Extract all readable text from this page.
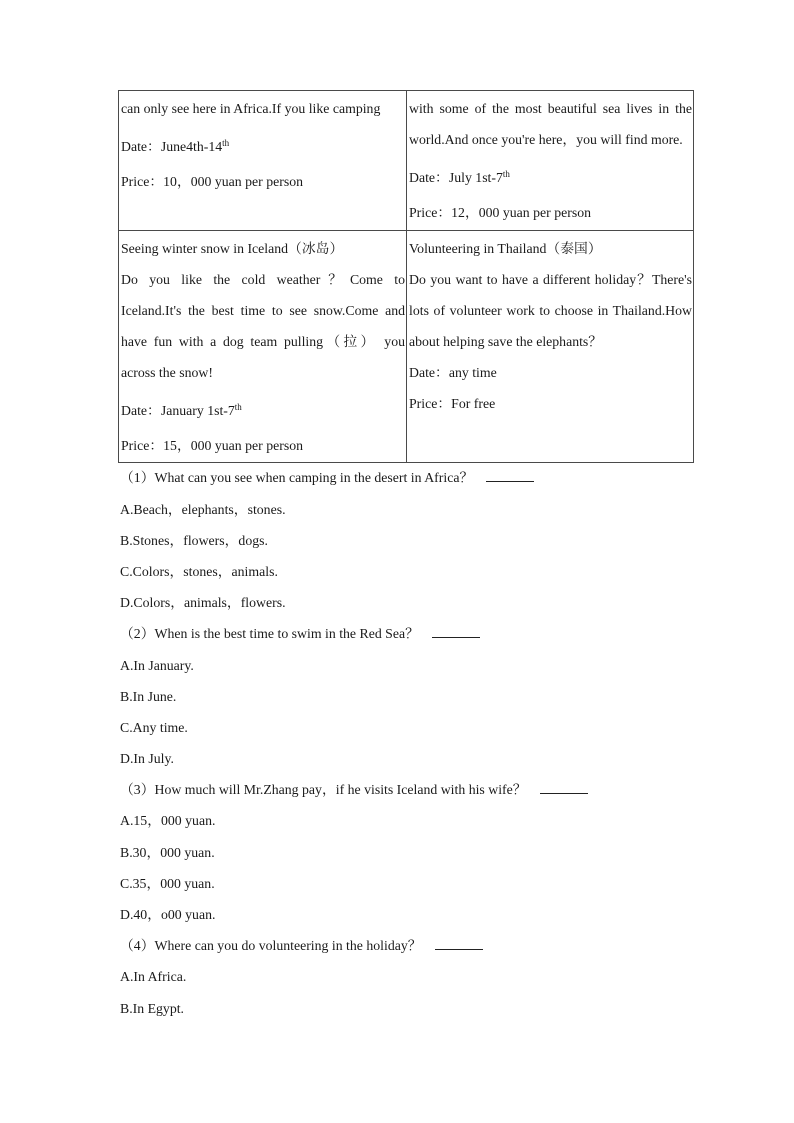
can only see here in Africa.If you like camping
Date：June4th-14th
Price：10，000 yuan per person
with some of the most beautiful sea lives in the
world.And once you're here，you will find more.
Date：July 1st-7th
Price：12，000 yuan per person
Seeing winter snow in Iceland（冰岛）
Do you like the cold weather？Come to
Iceland.It's the best time to see snow.Come and
have fun with a dog team pulling（拉） you
across the snow!
Date：January 1st-7th
Price：15，000 yuan per person
Volunteering in Thailand（泰国）
Do you want to have a different holiday？There's
lots of volunteer work to choose in Thailand.How
about helping save the elephants？
Date：any time
Price：For free
（1）What can you see when camping in the desert in Africa？
A.Beach，elephants，stones.
B.Stones，flowers，dogs.
C.Colors，stones，animals.
D.Colors，animals，flowers.
（2）When is the best time to swim in the Red Sea？
A.In January.
B.In June.
C.Any time.
D.In July.
（3）How much will Mr.Zhang pay，if he visits Iceland with his wife？
A.15，000 yuan.
B.30，000 yuan.
C.35，000 yuan.
D.40，o00 yuan.
（4）Where can you do volunteering in the holiday？
A.In Africa.
B.In Egypt.
